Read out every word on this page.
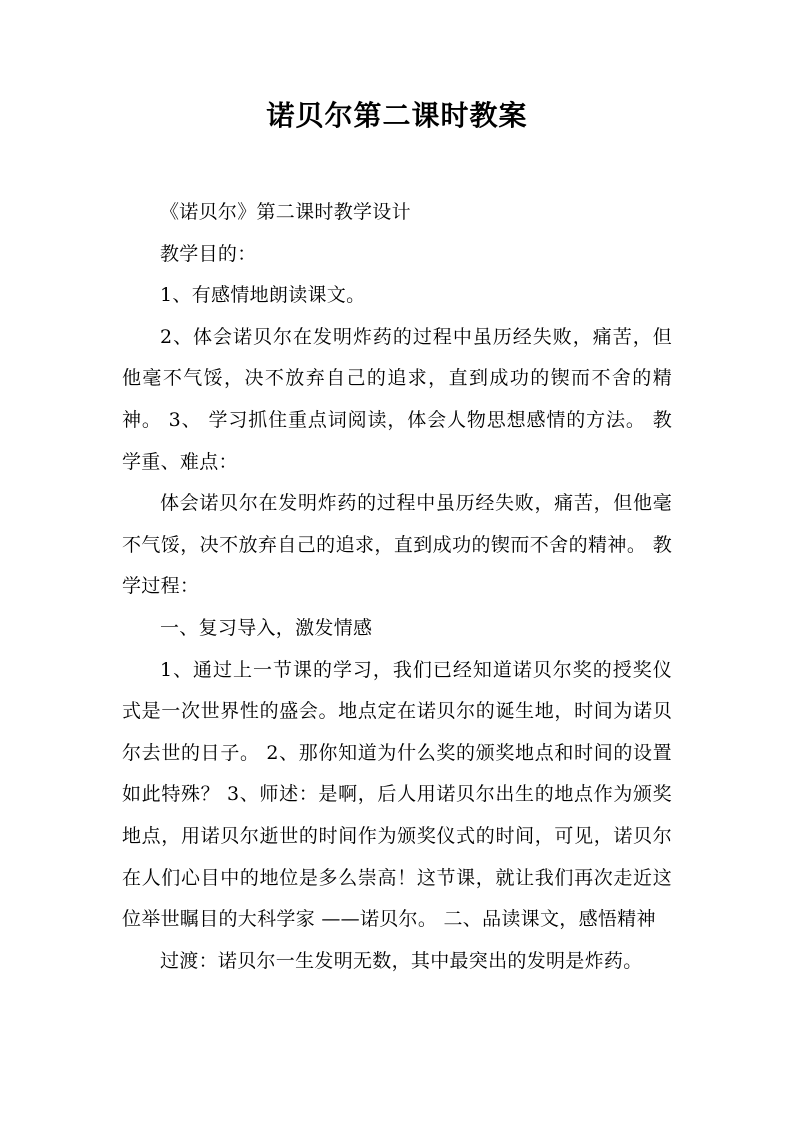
诺贝尔第二课时教案

《诺贝尔》第二课时教学设计

教学目的：

1、有感情地朗读课文。

2、体会诺贝尔在发明炸药的过程中虽历经失败，痛苦，但他毫不气馁，决不放弃自己的追求，直到成功的锲而不舍的精神。 3、 学习抓住重点词阅读，体会人物思想感情的方法。 教学重、难点：

体会诺贝尔在发明炸药的过程中虽历经失败，痛苦，但他毫不气馁，决不放弃自己的追求，直到成功的锲而不舍的精神。 教学过程：

一、复习导入，激发情感

1、通过上一节课的学习，我们已经知道诺贝尔奖的授奖仪式是一次世界性的盛会。地点定在诺贝尔的诞生地，时间为诺贝尔去世的日子。 2、那你知道为什么奖的颁奖地点和时间的设置如此特殊？ 3、师述：是啊，后人用诺贝尔出生的地点作为颁奖地点，用诺贝尔逝世的时间作为颁奖仪式的时间，可见，诺贝尔在人们心目中的地位是多么崇高！这节课，就让我们再次走近这位举世瞩目的大科学家 ——诺贝尔。 二、品读课文，感悟精神

过渡：诺贝尔一生发明无数，其中最突出的发明是炸药。
